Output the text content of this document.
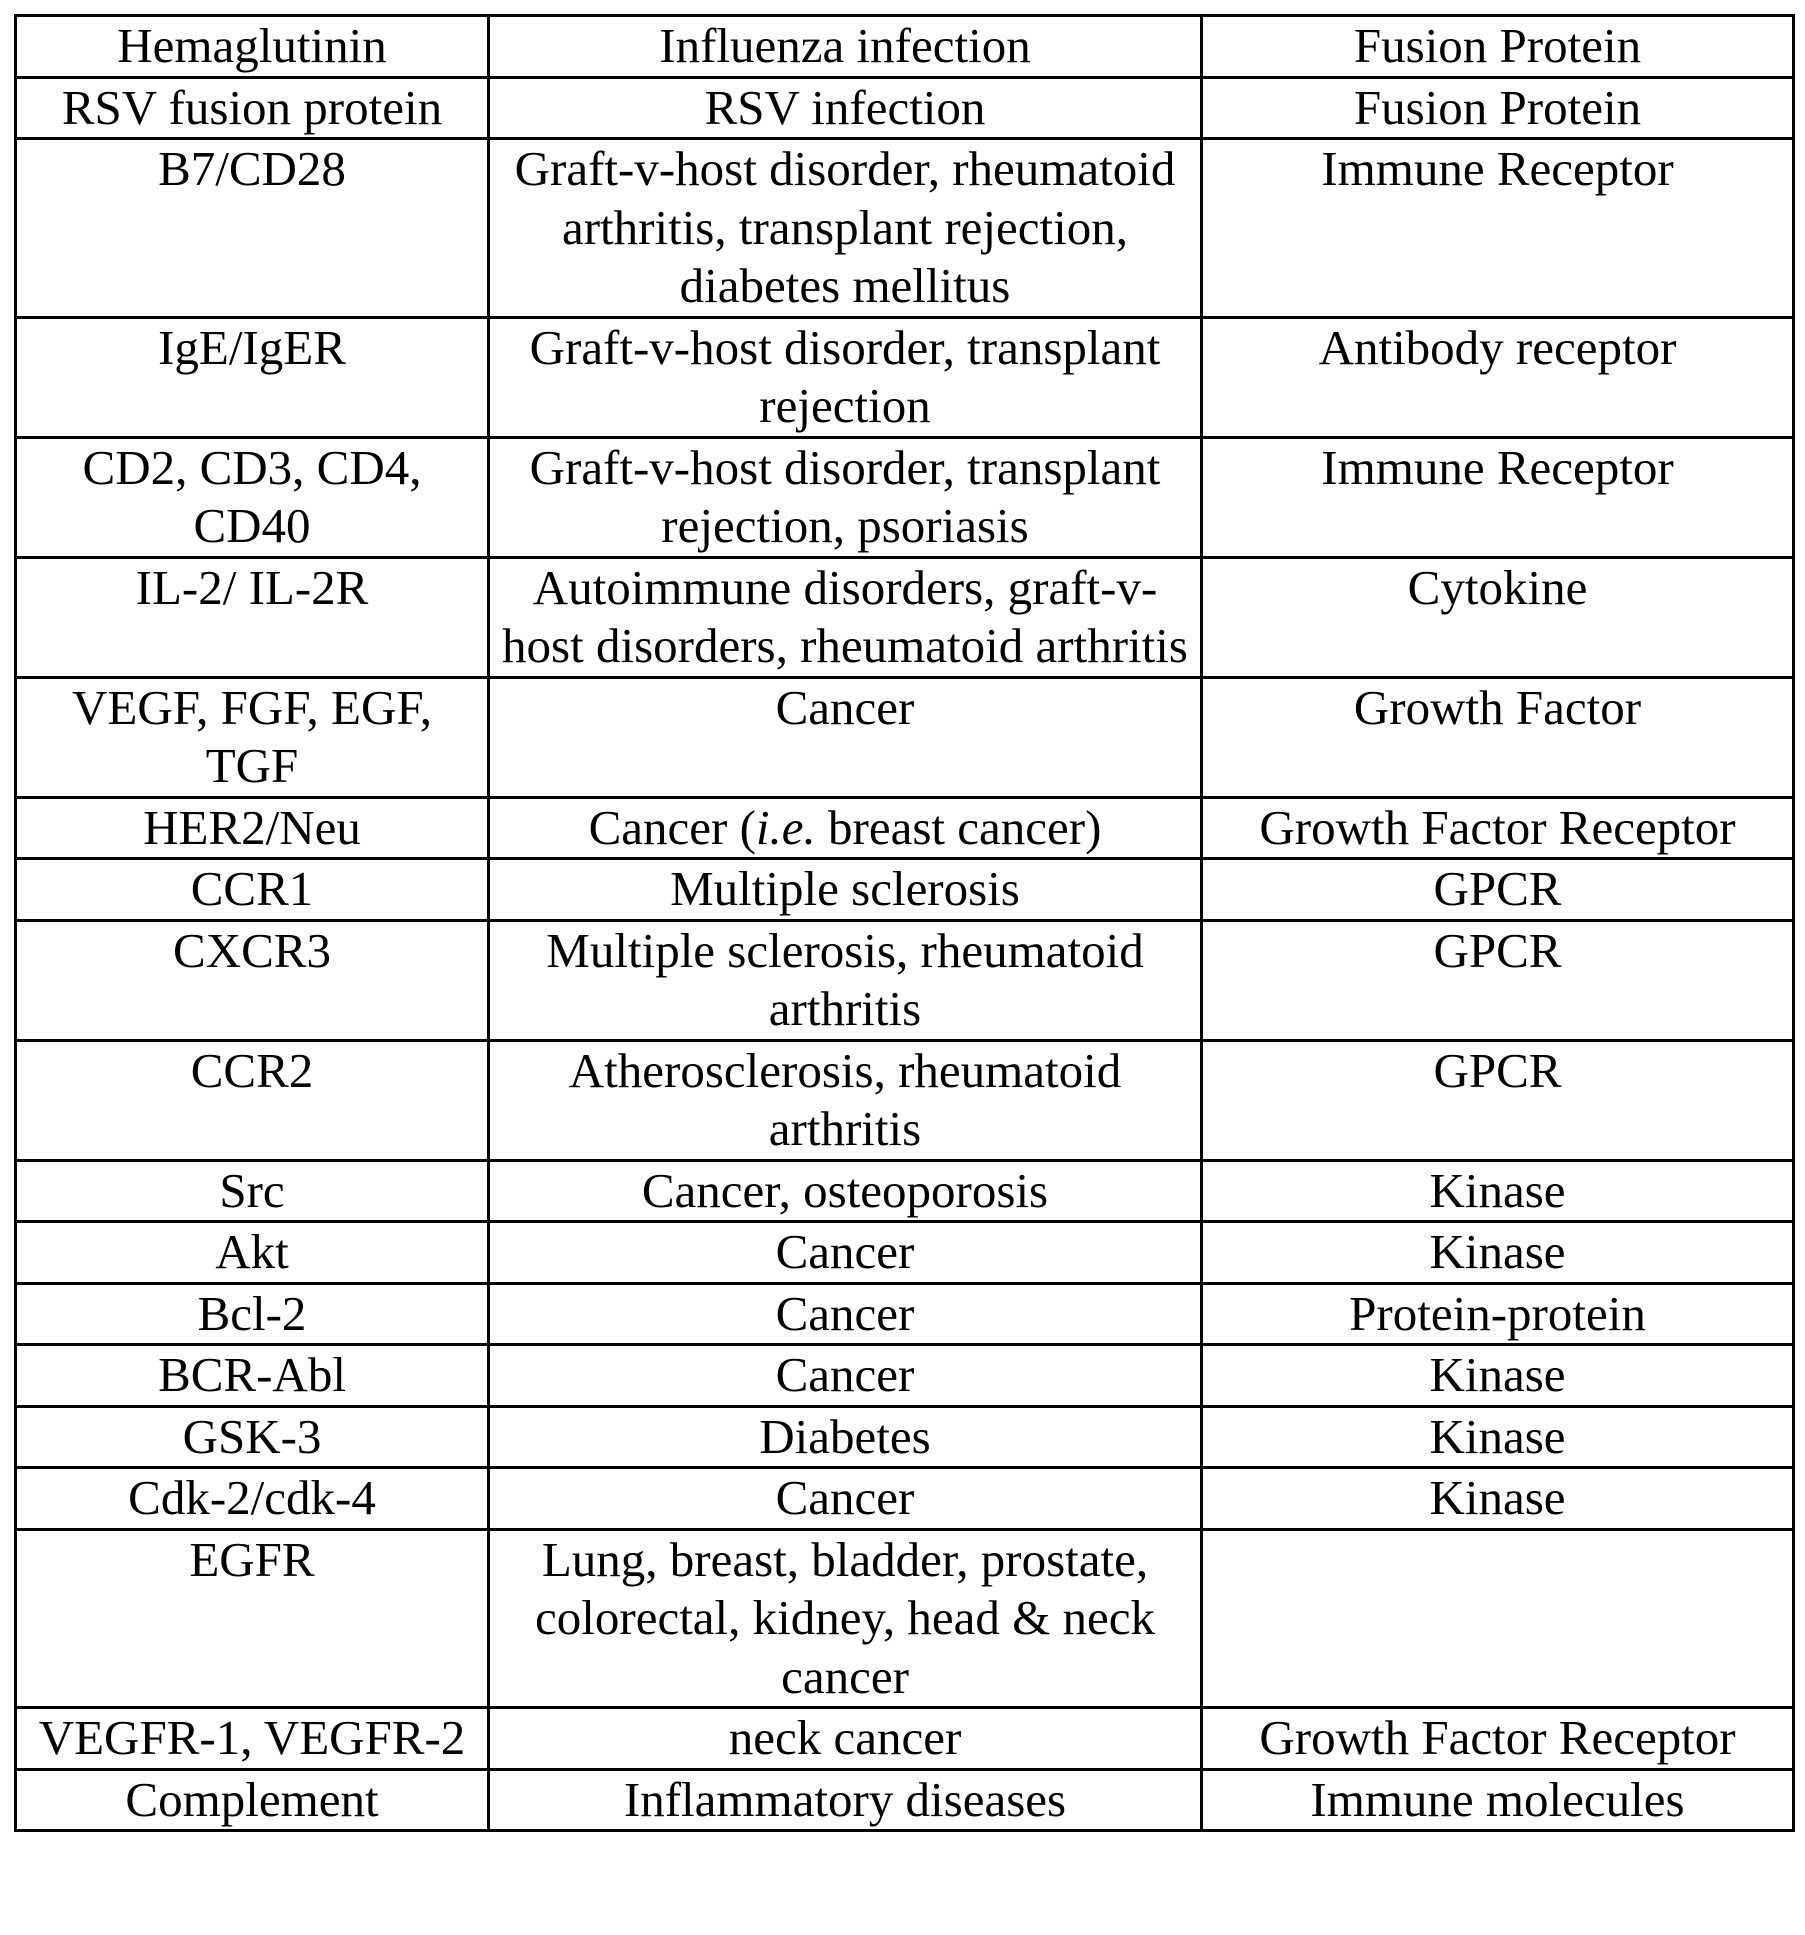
Hemaglutinin	Influenza infection	Fusion Protein
RSV fusion protein	RSV infection	Fusion Protein
B7/CD28	Graft-v-host disorder, rheumatoid arthritis, transplant rejection, diabetes mellitus	Immune Receptor
IgE/IgER	Graft-v-host disorder, transplant rejection	Antibody receptor
CD2, CD3, CD4, CD40	Graft-v-host disorder, transplant rejection, psoriasis	Immune Receptor
IL-2/ IL-2R	Autoimmune disorders, graft-v-host disorders, rheumatoid arthritis	Cytokine
VEGF, FGF, EGF, TGF	Cancer	Growth Factor
HER2/Neu	Cancer (i.e. breast cancer)	Growth Factor Receptor
CCR1	Multiple sclerosis	GPCR
CXCR3	Multiple sclerosis, rheumatoid arthritis	GPCR
CCR2	Atherosclerosis, rheumatoid arthritis	GPCR
Src	Cancer, osteoporosis	Kinase
Akt	Cancer	Kinase
Bcl-2	Cancer	Protein-protein
BCR-Abl	Cancer	Kinase
GSK-3	Diabetes	Kinase
Cdk-2/cdk-4	Cancer	Kinase
EGFR	Lung, breast, bladder, prostate, colorectal, kidney, head & neck cancer	
VEGFR-1, VEGFR-2	neck cancer	Growth Factor Receptor
Complement	Inflammatory diseases	Immune molecules
